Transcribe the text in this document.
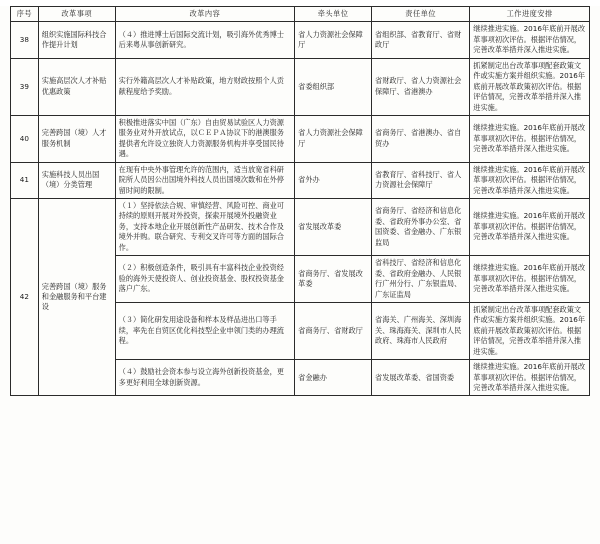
序号	改革事项	改革内容	牵头单位	责任单位	工作进度安排
38	组织实施国际科技合作提升计划	（４）推进博士后国际交流计划，吸引海外优秀博士后来粤从事创新研究。	省人力资源社会保障厅	省组织部、省教育厅、省财政厅	继续推进实施。2016年底前开展改革事项初次评估。根据评估情况，完善改革举措并深入推进实施。
39	实施高层次人才补贴优惠政策	实行外籍高层次人才补贴政策，地方财政按照个人贡献程度给予奖励。	省委组织部	省财政厅、省人力资源社会保障厅、省港澳办	抓紧制定出台改革事项配套政策文件或实施方案并组织实施。2016年底前开展改革政策初次评估。根据评估情况，完善改革举措并深入推进实施。
40	完善跨国（境）人才服务机制	积极推进落实中国（广东）自由贸易试验区人力资源服务业对外开放试点，以ＣＥＰＡ协议下的港澳服务提供者允许设立独资人力资源服务机构并享受国民待遇。	省人力资源社会保障厅	省商务厅、省港澳办、省自贸办	继续推进实施。2016年底前开展改革事项初次评估。根据评估情况，完善改革举措并深入推进实施。
41	实施科技人员出国（境）分类管理	在现有中央外事管理允许的范围内，适当放宽省科研院所人员因公出国境外科技人员出国境次数和在外停留时间的限制。	省外办	省教育厅、省科技厅、省人力资源社会保障厅	继续推进实施。2016年底前开展改革事项初次评估。根据评估情况，完善改革举措并深入推进实施。
42	完善跨国（境）服务和金融服务和平台建设	（１）坚持依法合规、审慎经营、风险可控、商业可持续的原则开展对外投资，探索开展境外投融资业务，支持本地企业开展创新性产品研发、技术合作及境外并购。联合研究、专利交叉许可等方面的国际合作。	省发展改革委	省商务厅、省经济和信息化委、省政府外事办公室、省国资委、省金融办、广东银监局	继续推进实施。2016年底前开展改革事项初次评估。根据评估情况，完善改革举措并深入推进实施。
		（２）积极创造条件，吸引具有丰富科技企业投资经验的海外天使投资人、创业投资基金、股权投资基金落户广东。	省商务厅、省发展改革委	省科技厅、省经济和信息化委、省政府金融办、人民银行广州分行、广东银监局、广东证监局	继续推进实施。2016年底前开展改革事项初次评估。根据评估情况，完善改革举措并深入推进实施。
		（３）简化研发用途设备和样本及样品进出口等手续，率先在自贸区优化科技型企业申领门类的办理流程。	省商务厅、省财政厅	省海关、广州海关、深圳海关、珠海海关、深圳市人民政府、珠海市人民政府	抓紧制定出台改革事项配套政策文件或实施方案并组织实施。2016年底前开展改革政策初次评估。根据评估情况，完善改革举措并深入推进实施。
		（４）鼓励社会资本参与设立海外创新投资基金，更多更好利用全球创新资源。	省金融办	省发展改革委、省国资委	继续推进实施。2016年底前开展改革事项初次评估。根据评估情况，完善改革举措并深入推进实施。
